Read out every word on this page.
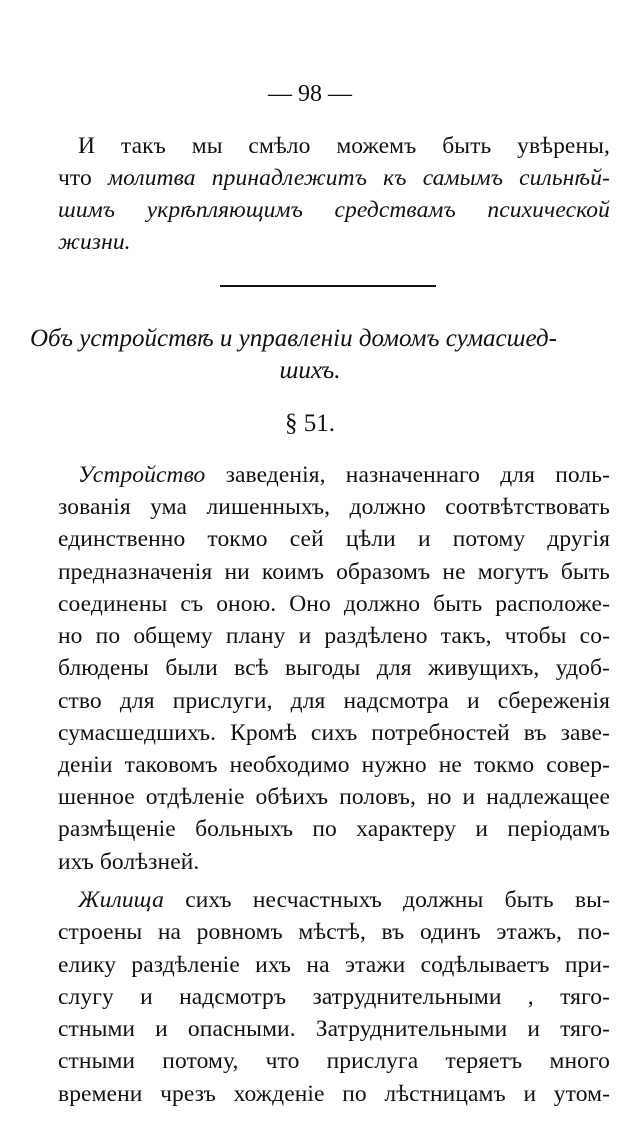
— 98 —
И такъ мы смѣло можемъ быть увѣрены,
что молитва принадлежитъ къ самымъ сильнѣй-
шимъ укрѣпляющимъ средствамъ психической
жизни.
Объ устройствѣ и управленіи домомъ сумасшед-
шихъ.
§ 51.
Устройство заведенія, назначеннаго для поль-
зованія ума лишенныхъ, должно соотвѣтствовать
единственно токмо сей цѣли и потому другія
предназначенія ни коимъ образомъ не могутъ быть
соединены съ оною. Оно должно быть расположе-
но по общему плану и раздѣлено такъ, чтобы со-
блюдены были всѣ выгоды для живущихъ, удоб-
ство для прислуги, для надсмотра и сбереженія
сумасшедшихъ. Кромѣ сихъ потребностей въ заве-
деніи таковомъ необходимо нужно не токмо совер-
шенное отдѣленіе обѣихъ половъ, но и надлежащее
размѣщеніе больныхъ по характеру и періодамъ
ихъ болѣзней.
Жилища сихъ несчастныхъ должны быть вы-
строены на ровномъ мѣстѣ, въ одинъ этажъ, по-
елику раздѣленіе ихъ на этажи содѣлываетъ при-
слугу и надсмотръ затруднительными , тяго-
стными и опасными. Затруднительными и тяго-
стными потому, что прислуга теряетъ много
времени чрезъ хожденіе по лѣстницамъ и утом-
